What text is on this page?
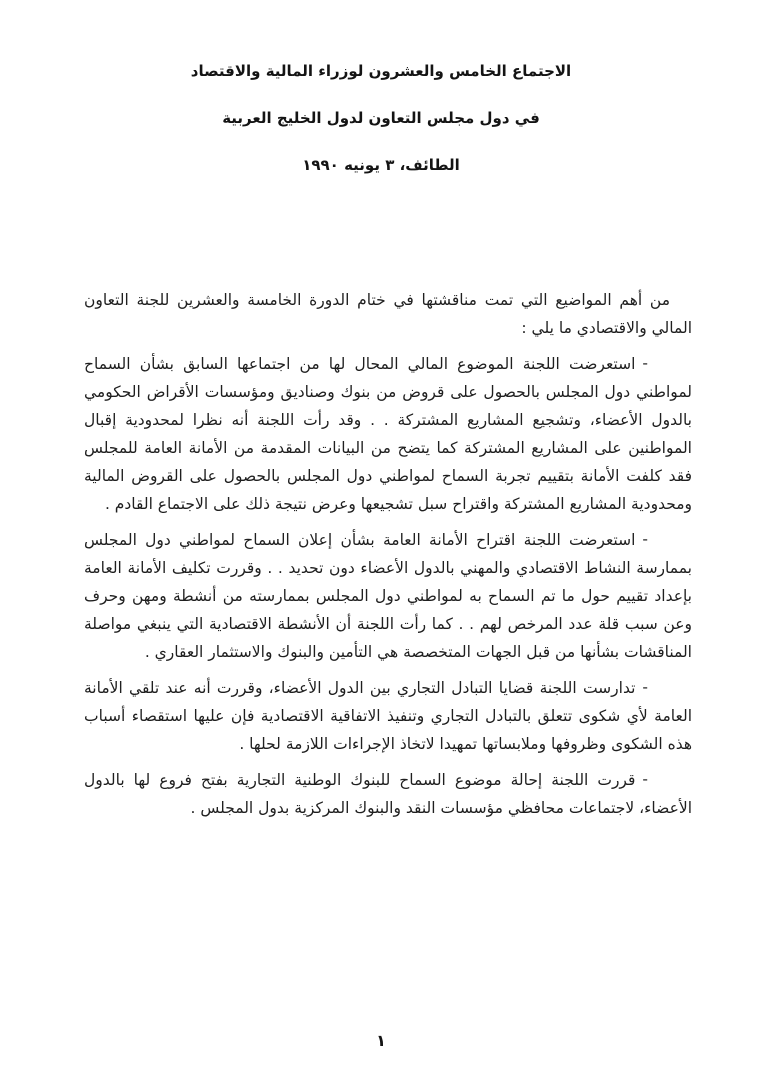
الاجتماع الخامس والعشرون لوزراء المالية والاقتصاد

في دول مجلس التعاون لدول الخليج العربية

الطائف، ٣ يونيه ١٩٩٠

من أهم المواضيع التي تمت مناقشتها في ختام الدورة الخامسة والعشرين للجنة التعاون المالي والاقتصادي ما يلي :

-استعرضت اللجنة الموضوع المالي المحال لها من اجتماعها السابق بشأن السماح لمواطني دول المجلس بالحصول على قروض من بنوك وصناديق ومؤسسات الأقراض الحكومي بالدول الأعضاء، وتشجيع المشاريع المشتركة . . وقد رأت اللجنة أنه نظرا لمحدودية إقبال المواطنين على المشاريع المشتركة كما يتضح من البيانات المقدمة من الأمانة العامة للمجلس فقد كلفت الأمانة بتقييم تجربة السماح لمواطني دول المجلس بالحصول على القروض المالية ومحدودية المشاريع المشتركة واقتراح سبل تشجيعها وعرض نتيجة ذلك على الاجتماع القادم .

-استعرضت اللجنة اقتراح الأمانة العامة بشأن إعلان السماح لمواطني دول المجلس بممارسة النشاط الاقتصادي والمهني بالدول الأعضاء دون تحديد . . وقررت تكليف الأمانة العامة بإعداد تقييم حول ما تم السماح به لمواطني دول المجلس بممارسته من أنشطة ومهن وحرف وعن سبب قلة عدد المرخص لهم . . كما رأت اللجنة أن الأنشطة الاقتصادية التي ينبغي مواصلة المناقشات بشأنها من قبل الجهات المتخصصة هي التأمين والبنوك والاستثمار العقاري .

-تدارست اللجنة قضايا التبادل التجاري بين الدول الأعضاء، وقررت أنه عند تلقي الأمانة العامة لأي شكوى تتعلق بالتبادل التجاري وتنفيذ الاتفاقية الاقتصادية فإن عليها استقصاء أسباب هذه الشكوى وظروفها وملابساتها تمهيدا لاتخاذ الإجراءات اللازمة لحلها .

-قررت اللجنة إحالة موضوع السماح للبنوك الوطنية التجارية بفتح فروع لها بالدول الأعضاء، لاجتماعات محافظي مؤسسات النقد والبنوك المركزية بدول المجلس .

١
